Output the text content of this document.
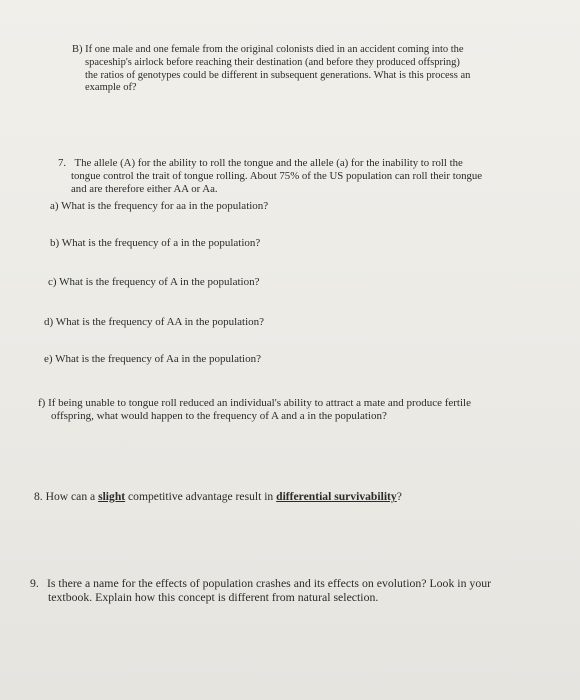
B) If one male and one female from the original colonists died in an accident coming into the
spaceship's airlock before reaching their destination (and before they produced offspring)
the ratios of genotypes could be different in subsequent generations. What is this process an
example of?
7. The allele (A) for the ability to roll the tongue and the allele (a) for the inability to roll the
tongue control the trait of tongue rolling. About 75% of the US population can roll their tongue
and are therefore either AA or Aa.
a) What is the frequency for aa in the population?
b) What is the frequency of a in the population?
c) What is the frequency of A in the population?
d) What is the frequency of AA in the population?
e) What is the frequency of Aa in the population?
f) If being unable to tongue roll reduced an individual's ability to attract a mate and produce fertile
offspring, what would happen to the frequency of A and a in the population?
8. How can a slight competitive advantage result in differential survivability?
9. Is there a name for the effects of population crashes and its effects on evolution? Look in your
textbook. Explain how this concept is different from natural selection.
